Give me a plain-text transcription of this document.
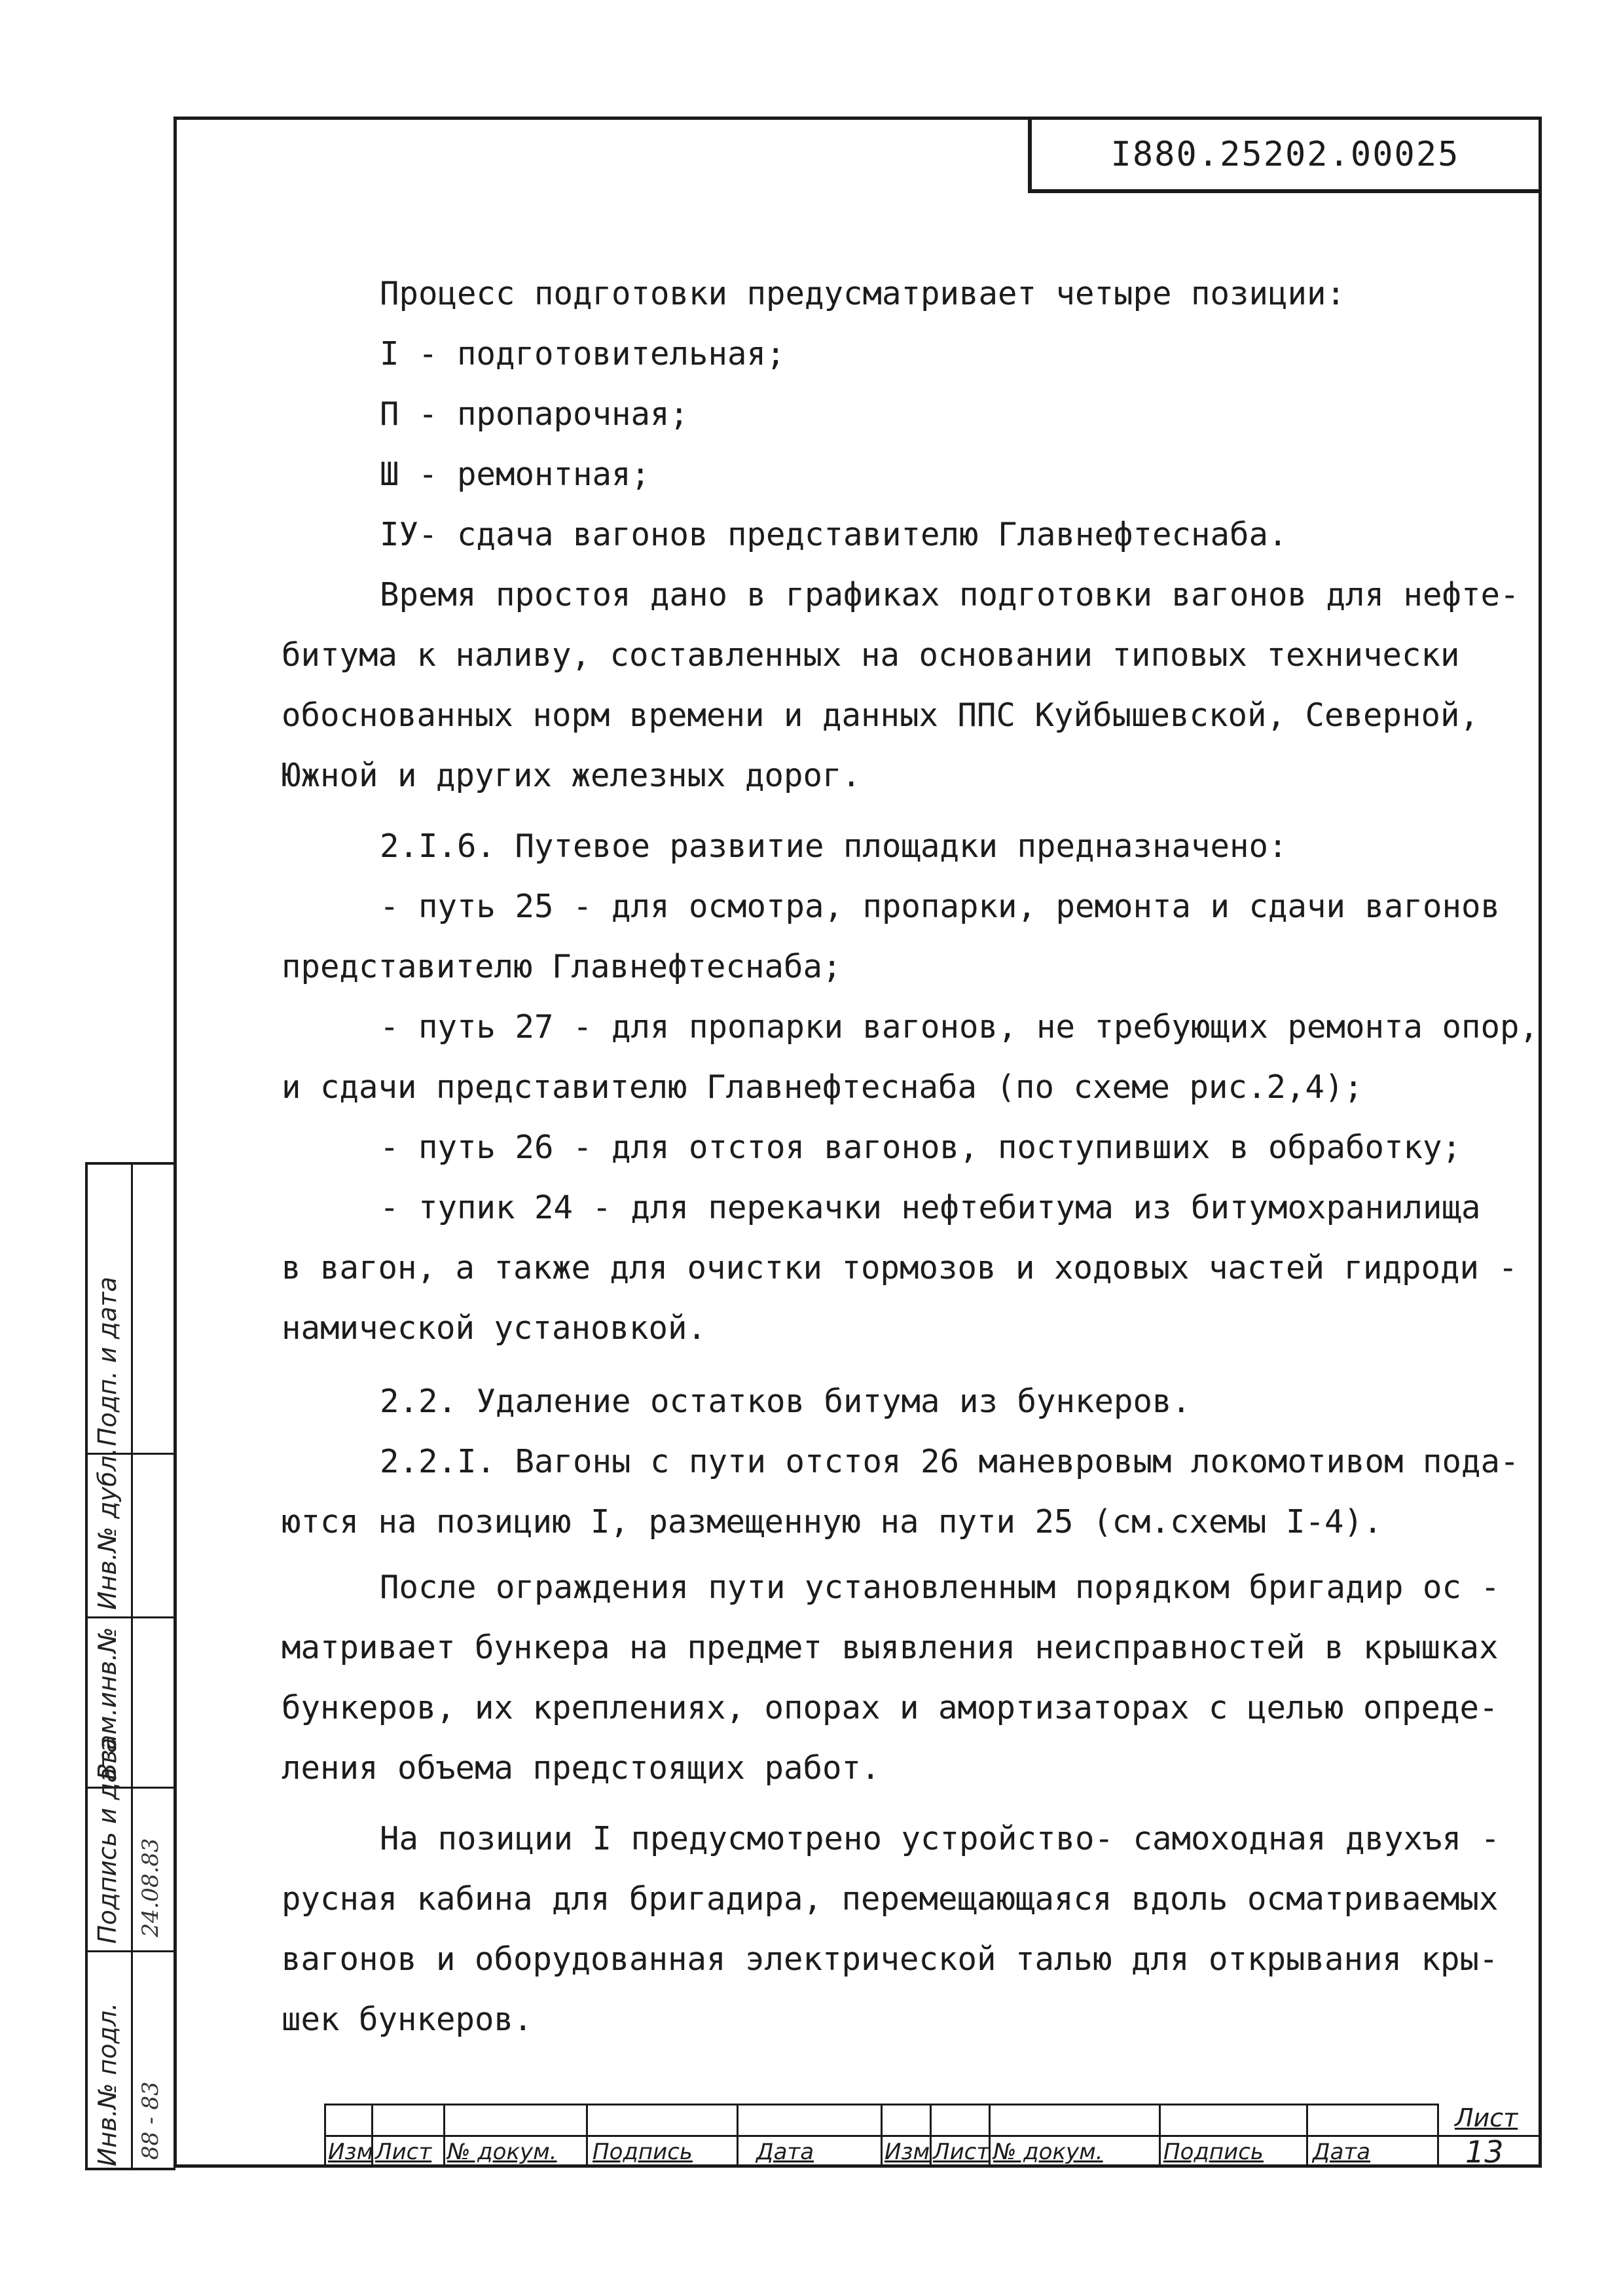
I880.25202.00025
Процесс подготовки предусматривает четыре позиции:
I - подготовительная;
П - пропарочная;
Ш - ремонтная;
IУ- сдача вагонов представителю Главнефтеснаба.
Время простоя дано в графиках подготовки вагонов для нефте-
битума к наливу, составленных на основании типовых технически
обоснованных норм времени и данных ППС Куйбышевской, Северной,
Южной и других железных дорог.
2.I.6. Путевое развитие площадки предназначено:
- путь 25 - для осмотра, пропарки, ремонта и сдачи вагонов
представителю Главнефтеснаба;
- путь 27 - для пропарки вагонов, не требующих ремонта опор,
и сдачи представителю Главнефтеснаба (по схеме рис.2,4);
- путь 26 - для отстоя вагонов, поступивших в обработку;
- тупик 24 - для перекачки нефтебитума из битумохранилища
в вагон, а также для очистки тормозов и ходовых частей гидроди -
намической установкой.
2.2. Удаление остатков битума из бункеров.
2.2.I. Вагоны с пути отстоя 26 маневровым локомотивом пода-
ются на позицию I, размещенную на пути 25 (см.схемы I-4).
После ограждения пути установленным порядком бригадир ос -
матривает бункера на предмет выявления неисправностей в крышках
бункеров, их креплениях, опорах и амортизаторах с целью опреде-
ления объема предстоящих работ.
На позиции I предусмотрено устройство- самоходная двухъя -
русная кабина для бригадира, перемещающаяся вдоль осматриваемых
вагонов и оборудованная электрической талью для открывания кры-
шек бункеров.
Инв.№ подл.
Подпись и дата
Взам.инв.№
Инв.№ дубл.
Подп. и дата
88 - 83
24.08.83
Изм Лист № докум. Подпись	Дата	Изм Лист № докум.	Подпись Дата
Лист
13
